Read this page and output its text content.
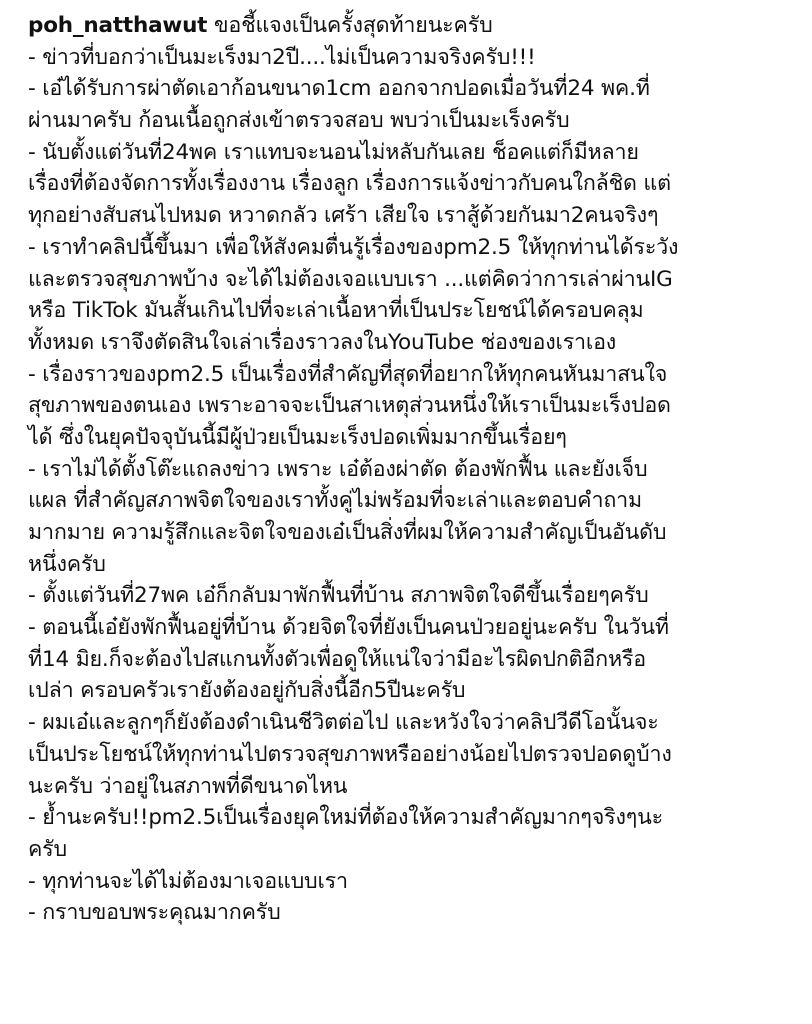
poh_natthawut ขอชี้แจงเป็นครั้งสุดท้ายนะครับ
- ข่าวที่บอกว่าเป็นมะเร็งมา2ปี....ไม่เป็นความจริงครับ!!!
- เอ๋ได้รับการผ่าตัดเอาก้อนขนาด1cm ออกจากปอดเมื่อวันที่24 พค.ที่
ผ่านมาครับ ก้อนเนื้อถูกส่งเข้าตรวจสอบ พบว่าเป็นมะเร็งครับ
- นับตั้งแต่วันที่24พค เราแทบจะนอนไม่หลับกันเลย ช็อคแต่ก็มีหลาย
เรื่องที่ต้องจัดการทั้งเรื่องงาน เรื่องลูก เรื่องการแจ้งข่าวกับคนใกล้ชิด แต่
ทุกอย่างสับสนไปหมด หวาดกลัว เศร้า เสียใจ เราสู้ด้วยกันมา2คนจริงๆ
- เราทำคลิปนี้ขึ้นมา เพื่อให้สังคมตื่นรู้เรื่องของpm2.5 ให้ทุกท่านได้ระวัง
และตรวจสุขภาพบ้าง จะได้ไม่ต้องเจอแบบเรา ...แต่คิดว่าการเล่าผ่านIG
หรือ TikTok มันสั้นเกินไปที่จะเล่าเนื้อหาที่เป็นประโยชน์ได้ครอบคลุม
ทั้งหมด เราจึงตัดสินใจเล่าเรื่องราวลงในYouTube ช่องของเราเอง
- เรื่องราวของpm2.5 เป็นเรื่องที่สำคัญที่สุดที่อยากให้ทุกคนหันมาสนใจ
สุขภาพของตนเอง เพราะอาจจะเป็นสาเหตุส่วนหนึ่งให้เราเป็นมะเร็งปอด
ได้ ซึ่งในยุคปัจจุบันนี้มีผู้ป่วยเป็นมะเร็งปอดเพิ่มมากขึ้นเรื่อยๆ
- เราไม่ได้ตั้งโต๊ะแถลงข่าว เพราะ เอ๋ต้องผ่าตัด ต้องพักฟื้น และยังเจ็บ
แผล ที่สำคัญสภาพจิตใจของเราทั้งคู่ไม่พร้อมที่จะเล่าและตอบคำถาม
มากมาย ความรู้สึกและจิตใจของเอ๋เป็นสิ่งที่ผมให้ความสำคัญเป็นอันดับ
หนึ่งครับ
- ตั้งแต่วันที่27พค เอ๋ก็กลับมาพักฟื้นที่บ้าน สภาพจิตใจดีขึ้นเรื่อยๆครับ
- ตอนนี้เอ๋ยังพักฟื้นอยู่ที่บ้าน ด้วยจิตใจที่ยังเป็นคนป่วยอยู่นะครับ ในวันที่
ที่14 มิย.ก็จะต้องไปสแกนทั้งตัวเพื่อดูให้แน่ใจว่ามีอะไรผิดปกติอีกหรือ
เปล่า ครอบครัวเรายังต้องอยู่กับสิ่งนี้อีก5ปีนะครับ
- ผมเอ๋และลูกๆก็ยังต้องดำเนินชีวิตต่อไป และหวังใจว่าคลิปวีดีโอนั้นจะ
เป็นประโยชน์ให้ทุกท่านไปตรวจสุขภาพหรืออย่างน้อยไปตรวจปอดดูบ้าง
นะครับ ว่าอยู่ในสภาพที่ดีขนาดไหน
- ย้ำนะครับ!!pm2.5เป็นเรื่องยุคใหม่ที่ต้องให้ความสำคัญมากๆจริงๆนะ
ครับ
- ทุกท่านจะได้ไม่ต้องมาเจอแบบเรา
- กราบขอบพระคุณมากครับ
